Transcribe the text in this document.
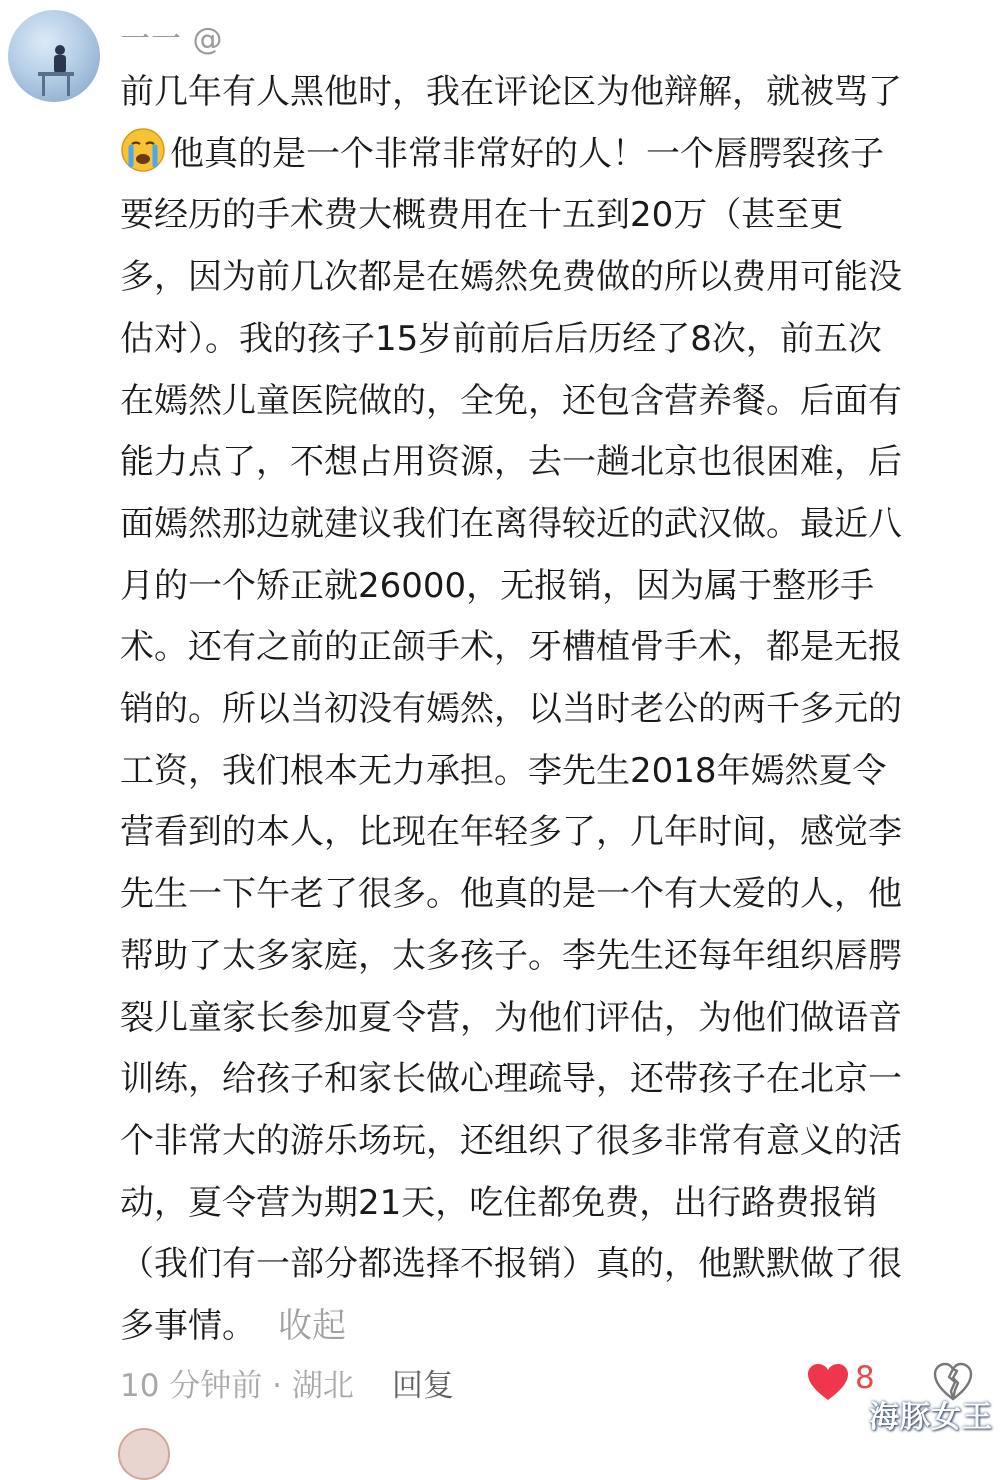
一一 @
前几年有人黑他时，我在评论区为他辩解，就被骂了
他真的是一个非常非常好的人！一个唇腭裂孩子
要经历的手术费大概费用在十五到20万（甚至更
多，因为前几次都是在嫣然免费做的所以费用可能没
估对）。我的孩子15岁前前后后历经了8次，前五次
在嫣然儿童医院做的，全免，还包含营养餐。后面有
能力点了，不想占用资源，去一趟北京也很困难，后
面嫣然那边就建议我们在离得较近的武汉做。最近八
月的一个矫正就26000，无报销，因为属于整形手
术。还有之前的正颌手术，牙槽植骨手术，都是无报
销的。所以当初没有嫣然，以当时老公的两千多元的
工资，我们根本无力承担。李先生2018年嫣然夏令
营看到的本人，比现在年轻多了，几年时间，感觉李
先生一下午老了很多。他真的是一个有大爱的人，他
帮助了太多家庭，太多孩子。李先生还每年组织唇腭
裂儿童家长参加夏令营，为他们评估，为他们做语音
训练，给孩子和家长做心理疏导，还带孩子在北京一
个非常大的游乐场玩，还组织了很多非常有意义的活
动，夏令营为期21天，吃住都免费，出行路费报销
（我们有一部分都选择不报销）真的，他默默做了很
多事情。 收起
10 分钟前 · 湖北 回复	8
海豚女王
